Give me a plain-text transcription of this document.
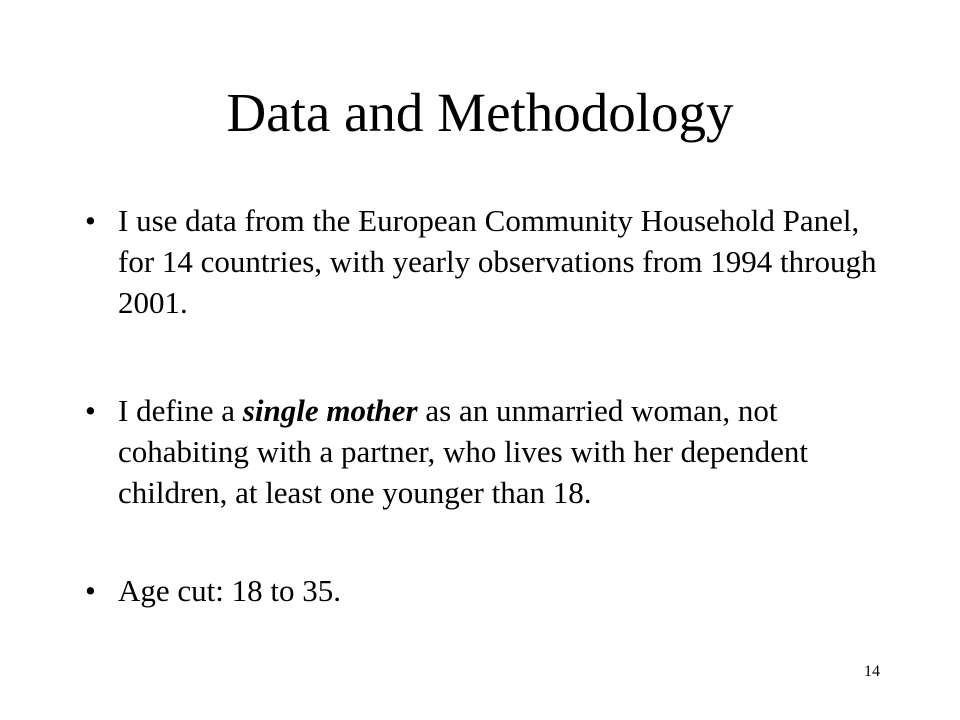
Data and Methodology
• I use data from the European Community Household Panel, for 14 countries, with yearly observations from 1994 through 2001.
• I define a single mother as an unmarried woman, not cohabiting with a partner, who lives with her dependent children, at least one younger than 18.
• Age cut: 18 to 35.
14
